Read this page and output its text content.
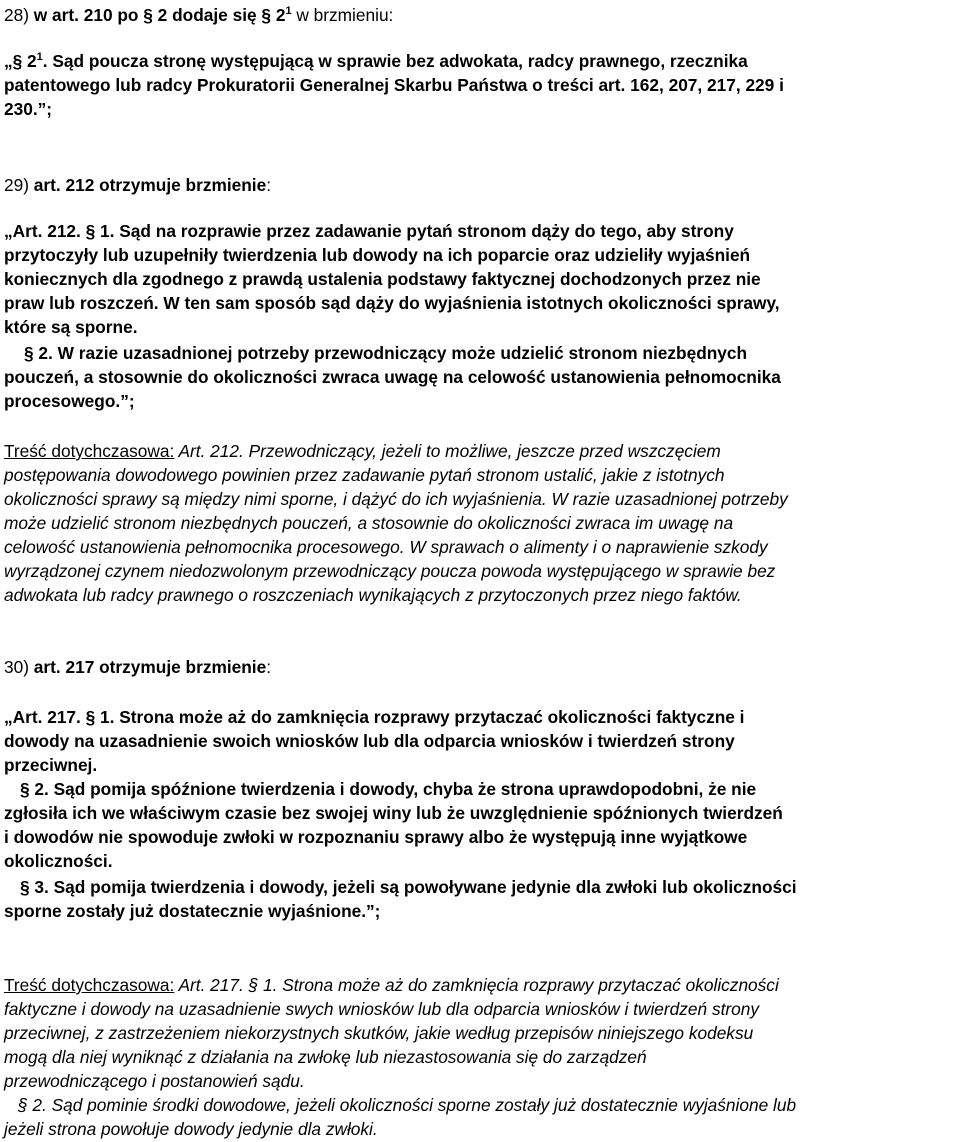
28) w art. 210 po § 2 dodaje się § $2^1$ w brzmieniu:
„§ $2^1$. Sąd poucza stronę występującą w sprawie bez adwokata, radcy prawnego, rzecznika
patentowego lub radcy Prokuratorii Generalnej Skarbu Państwa o treści art. 162, 207, 217, 229 i
230.”;
29) art. 212 otrzymuje brzmienie:
„Art. 212. § 1. Sąd na rozprawie przez zadawanie pytań stronom dąży do tego, aby strony
przytoczyły lub uzupełniły twierdzenia lub dowody na ich poparcie oraz udzieliły wyjaśnień
koniecznych dla zgodnego z prawdą ustalenia podstawy faktycznej dochodzonych przez nie
praw lub roszczeń. W ten sam sposób sąd dąży do wyjaśnienia istotnych okoliczności sprawy,
które są sporne.
§ 2. W razie uzasadnionej potrzeby przewodniczący może udzielić stronom niezbędnych
pouczeń, a stosownie do okoliczności zwraca uwagę na celowość ustanowienia pełnomocnika
procesowego.”;
Treść dotychczasowa: Art. 212. Przewodniczący, jeżeli to możliwe, jeszcze przed wszczęciem
postępowania dowodowego powinien przez zadawanie pytań stronom ustalić, jakie z istotnych
okoliczności sprawy są między nimi sporne, i dążyć do ich wyjaśnienia. W razie uzasadnionej potrzeby
może udzielić stronom niezbędnych pouczeń, a stosownie do okoliczności zwraca im uwagę na
celowość ustanowienia pełnomocnika procesowego. W sprawach o alimenty i o naprawienie szkody
wyrządzonej czynem niedozwolonym przewodniczący poucza powoda występującego w sprawie bez
adwokata lub radcy prawnego o roszczeniach wynikających z przytoczonych przez niego faktów.
30) art. 217 otrzymuje brzmienie:
„Art. 217. § 1. Strona może aż do zamknięcia rozprawy przytaczać okoliczności faktyczne i
dowody na uzasadnienie swoich wniosków lub dla odparcia wniosków i twierdzeń strony
przeciwnej.
§ 2. Sąd pomija spóźnione twierdzenia i dowody, chyba że strona uprawdopodobni, że nie
zgłosiła ich we właściwym czasie bez swojej winy lub że uwzględnienie spóźnionych twierdzeń
i dowodów nie spowoduje zwłoki w rozpoznaniu sprawy albo że występują inne wyjątkowe
okoliczności.
§ 3. Sąd pomija twierdzenia i dowody, jeżeli są powoływane jedynie dla zwłoki lub okoliczności
sporne zostały już dostatecznie wyjaśnione.”;
Treść dotychczasowa: Art. 217. § 1. Strona może aż do zamknięcia rozprawy przytaczać okoliczności
faktyczne i dowody na uzasadnienie swych wniosków lub dla odparcia wniosków i twierdzeń strony
przeciwnej, z zastrzeżeniem niekorzystnych skutków, jakie według przepisów niniejszego kodeksu
mogą dla niej wyniknąć z działania na zwłokę lub niezastosowania się do zarządzeń
przewodniczącego i postanowień sądu.
§ 2. Sąd pominie środki dowodowe, jeżeli okoliczności sporne zostały już dostatecznie wyjaśnione lub
jeżeli strona powołuje dowody jedynie dla zwłoki.
